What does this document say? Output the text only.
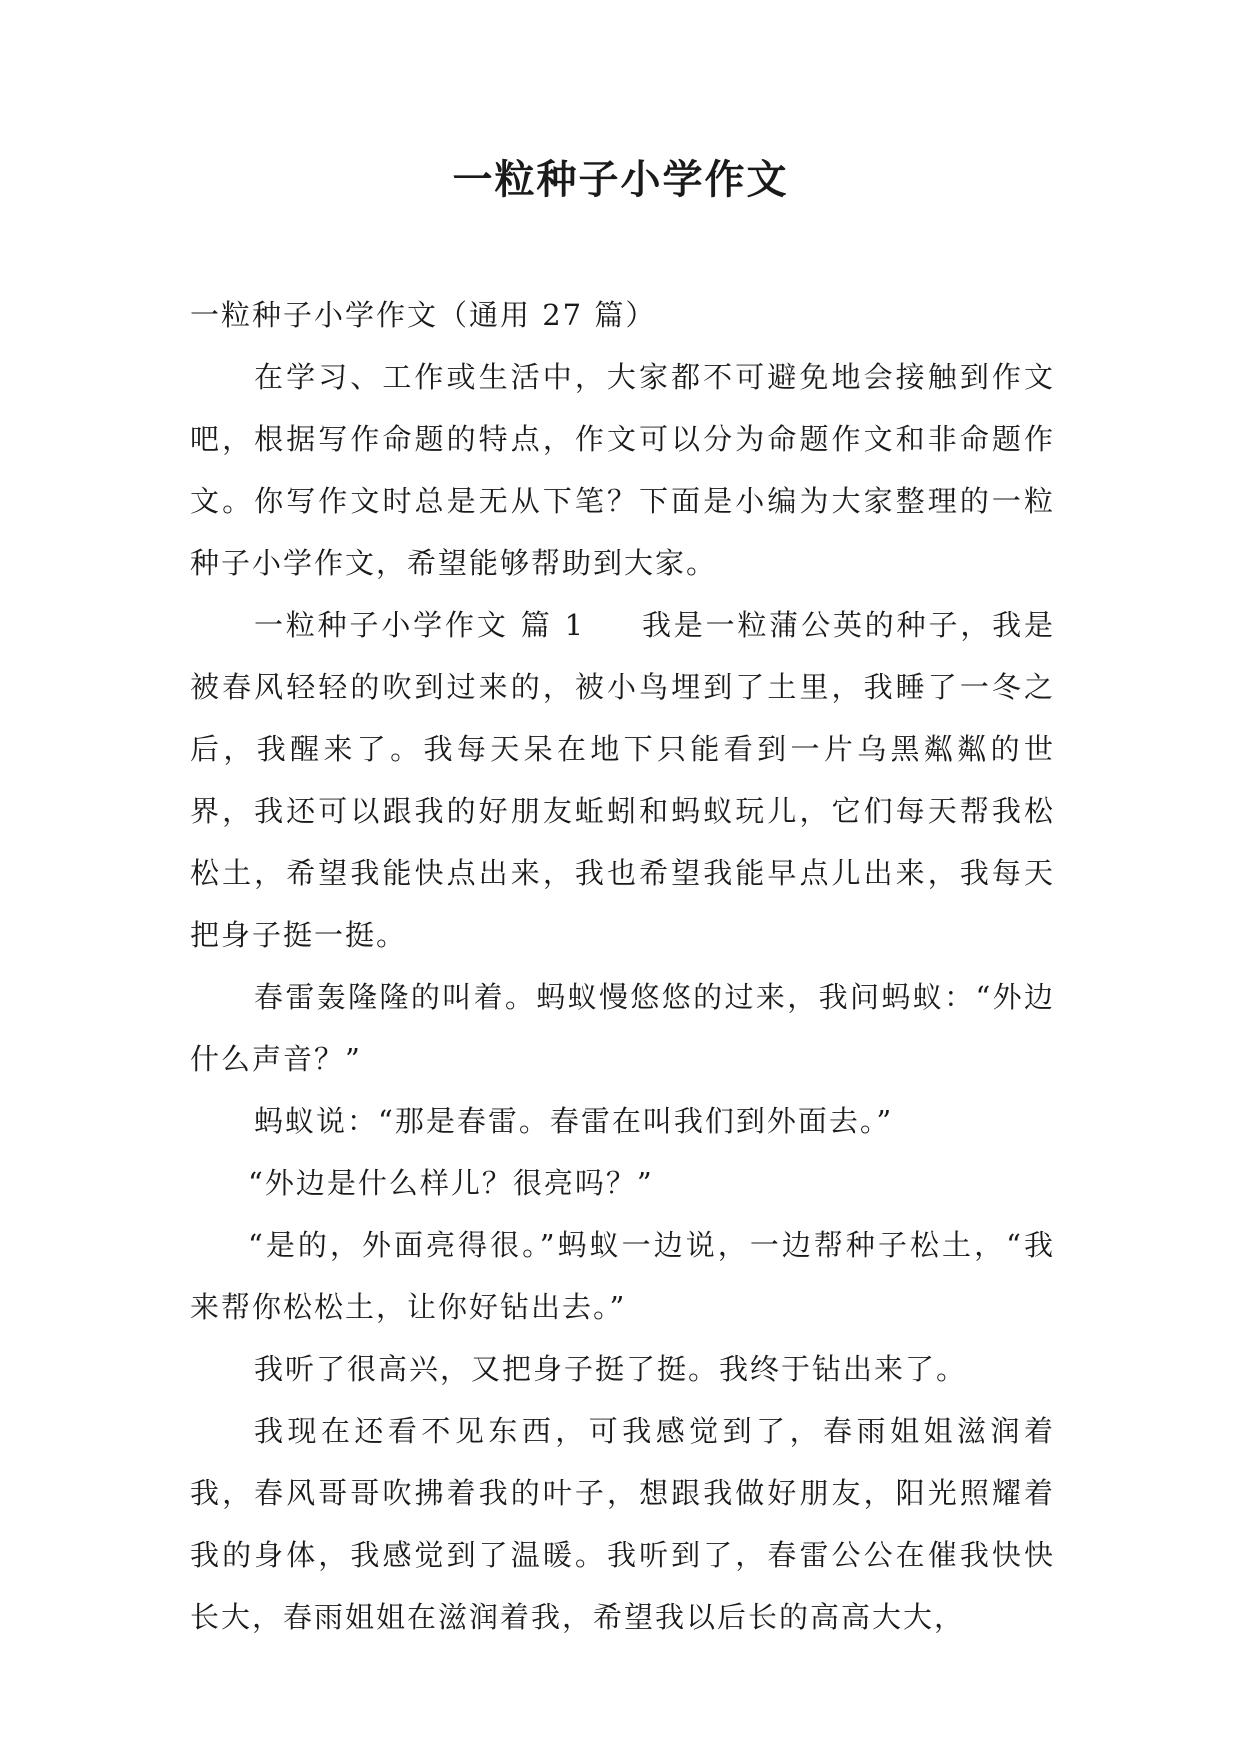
一粒种子小学作文

一粒种子小学作文（通用 27 篇）

在学习、工作或生活中，大家都不可避免地会接触到作文吧，根据写作命题的特点，作文可以分为命题作文和非命题作文。你写作文时总是无从下笔？下面是小编为大家整理的一粒种子小学作文，希望能够帮助到大家。

一粒种子小学作文 篇 1 我是一粒蒲公英的种子，我是被春风轻轻的吹到过来的，被小鸟埋到了土里，我睡了一冬之后，我醒来了。我每天呆在地下只能看到一片乌黑粼粼的世界，我还可以跟我的好朋友蚯蚓和蚂蚁玩儿，它们每天帮我松松土，希望我能快点出来，我也希望我能早点儿出来，我每天把身子挺一挺。

春雷轰隆隆的叫着。蚂蚁慢悠悠的过来，我问蚂蚁：“外边什么声音？”

蚂蚁说：“那是春雷。春雷在叫我们到外面去。”

“外边是什么样儿？很亮吗？”

“是的，外面亮得很。”蚂蚁一边说，一边帮种子松土，“我来帮你松松土，让你好钻出去。”

我听了很高兴，又把身子挺了挺。我终于钻出来了。

我现在还看不见东西，可我感觉到了，春雨姐姐滋润着我，春风哥哥吹拂着我的叶子，想跟我做好朋友，阳光照耀着我的身体，我感觉到了温暖。我听到了，春雷公公在催我快快长大，春雨姐姐在滋润着我，希望我以后长的高高大大，
